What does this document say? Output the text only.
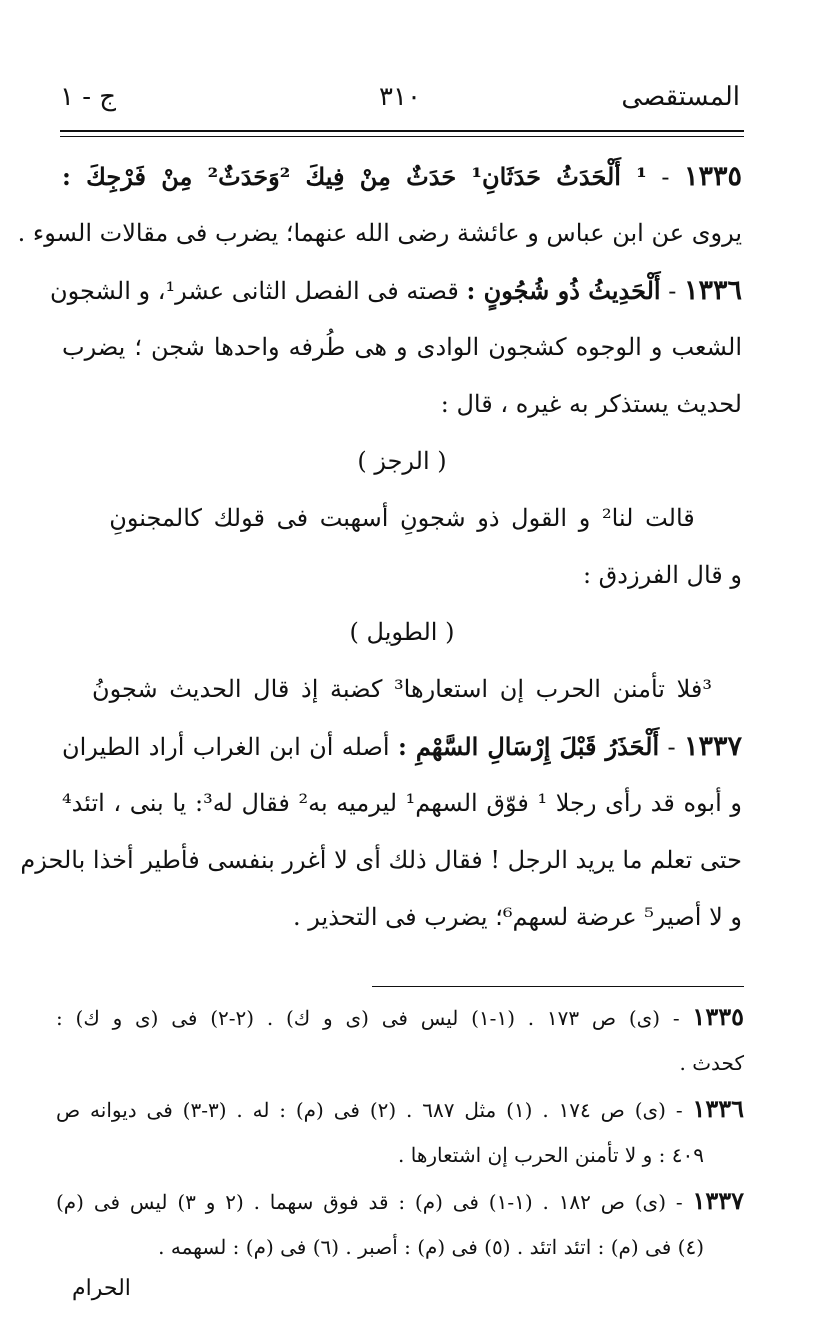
المستقصى
٣١٠
ج - ١
١٣٣٥ - ¹ أَلْحَدَثُ حَدَثَانِ¹ حَدَثٌ مِنْ فِيكَ ²وَحَدَثٌ² مِنْ فَرْجِكَ :
يروى عن ابن عباس و عائشة رضى الله عنهما؛ يضرب فى مقالات السوء .
١٣٣٦ - أَلْحَدِيثُ ذُو شُجُونٍ : قصته فى الفصل الثانى عشر¹، و الشجون
الشعب و الوجوه كشجون الوادى و هى طُرفه واحدها شجن ؛ يضرب
لحديث يستذكر به غيره ، قال :
( الرجز )
قالت لنا² و القول ذو شجونِ أسهبت فى قولك كالمجنونِ
و قال الفرزدق :
( الطويل )
³فلا تأمنن الحرب إن استعارها³ كضبة إذ قال الحديث شجونُ
١٣٣٧ - أَلْحَذَرُ قَبْلَ إِرْسَالِ السَّهْمِ : أصله أن ابن الغراب أراد الطيران
و أبوه قد رأى رجلا ¹ فوّق السهم¹ ليرميه به² فقال له³: يا بنى ، اتئد⁴
حتى تعلم ما يريد الرجل ! فقال ذلك أى لا أغرر بنفسى فأطير أخذا بالحزم
و لا أصير⁵ عرضة لسهم⁶؛ يضرب فى التحذير .
١٣٣٥ - (ى) ص ١٧٣ . (١-١) ليس فى (ى و ك) . (٢-٢) فى (ى و ك) :
كحدث .
١٣٣٦ - (ى) ص ١٧٤ . (١) مثل ٦٨٧ . (٢) فى (م) : له . (٣-٣) فى ديوانه ص
٤٠٩ : و لا تأمنن الحرب إن اشتعارها .
١٣٣٧ - (ى) ص ١٨٢ . (١-١) فى (م) : قد فوق سهما . (٢ و ٣) ليس فى (م)
(٤) فى (م) : اتئد اتئد . (٥) فى (م) : أصبر . (٦) فى (م) : لسهمه .
الحرام
